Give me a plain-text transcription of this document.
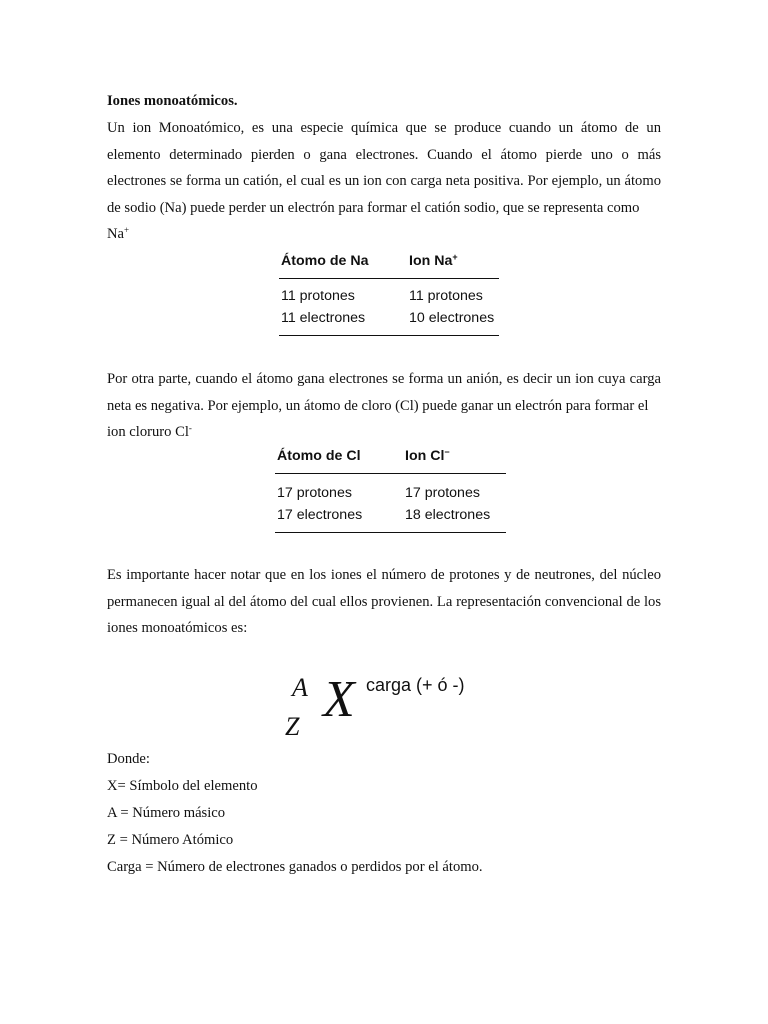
Iones monoatómicos.

Un ion Monoatómico, es una especie química que se produce cuando un átomo de un elemento determinado pierden o gana electrones. Cuando el átomo pierde uno o más electrones se forma un catión, el cual es un ion con carga neta positiva. Por ejemplo, un átomo de sodio (Na) puede perder un electrón para formar el catión sodio, que se representa como
Na+

Átomo de Na	Ion Na+
11 protones	11 protones
11 electrones	10 electrones

Por otra parte, cuando el átomo gana electrones se forma un anión, es decir un ion cuya carga neta es negativa. Por ejemplo, un átomo de cloro (Cl) puede ganar un electrón para formar el
ion cloruro Cl-

Átomo de Cl	Ion Cl−
17 protones	17 protones
17 electrones	18 electrones

Es importante hacer notar que en los iones el número de protones y de neutrones, del núcleo permanecen igual al del átomo del cual ellos provienen. La representación convencional de los iones monoatómicos es:

A
Z X carga (+ ó -)
Donde:
X= Símbolo del elemento
A = Número másico
Z = Número Atómico
Carga = Número de electrones ganados o perdidos por el átomo.
